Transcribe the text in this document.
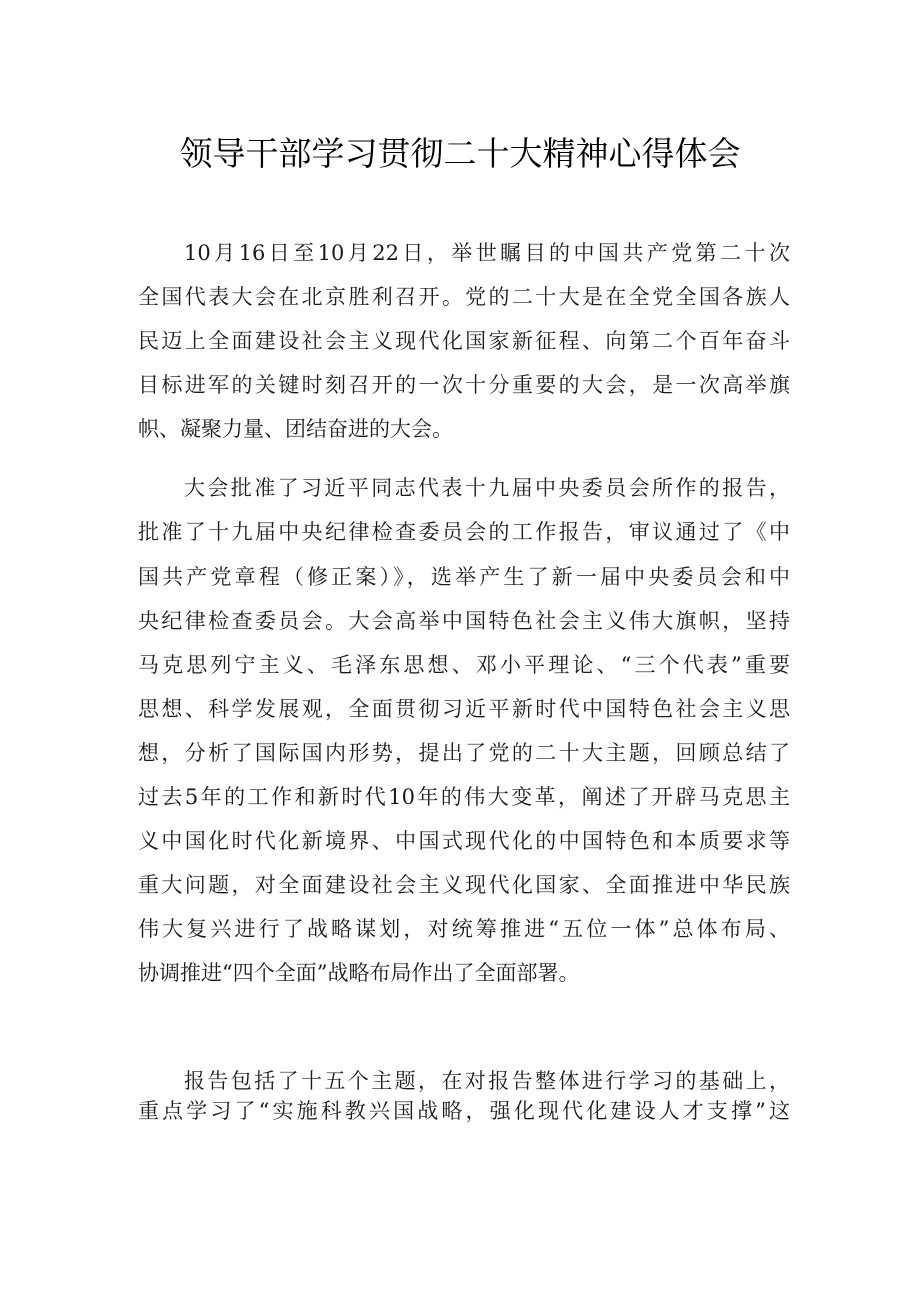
领导干部学习贯彻二十大精神心得体会
10月16日至10月22日，举世瞩目的中国共产党第二十次
全国代表大会在北京胜利召开。党的二十大是在全党全国各族人
民迈上全面建设社会主义现代化国家新征程、向第二个百年奋斗
目标进军的关键时刻召开的一次十分重要的大会，是一次高举旗
帜、凝聚力量、团结奋进的大会。
大会批准了习近平同志代表十九届中央委员会所作的报告，
批准了十九届中央纪律检查委员会的工作报告，审议通过了《中
国共产党章程（修正案）》，选举产生了新一届中央委员会和中
央纪律检查委员会。大会高举中国特色社会主义伟大旗帜，坚持
马克思列宁主义、毛泽东思想、邓小平理论、“三个代表”重要
思想、科学发展观，全面贯彻习近平新时代中国特色社会主义思
想，分析了国际国内形势，提出了党的二十大主题，回顾总结了
过去5年的工作和新时代10年的伟大变革，阐述了开辟马克思主
义中国化时代化新境界、中国式现代化的中国特色和本质要求等
重大问题，对全面建设社会主义现代化国家、全面推进中华民族
伟大复兴进行了战略谋划，对统筹推进“五位一体”总体布局、
协调推进“四个全面”战略布局作出了全面部署。
报告包括了十五个主题，在对报告整体进行学习的基础上，
重点学习了“实施科教兴国战略，强化现代化建设人才支撑”这
